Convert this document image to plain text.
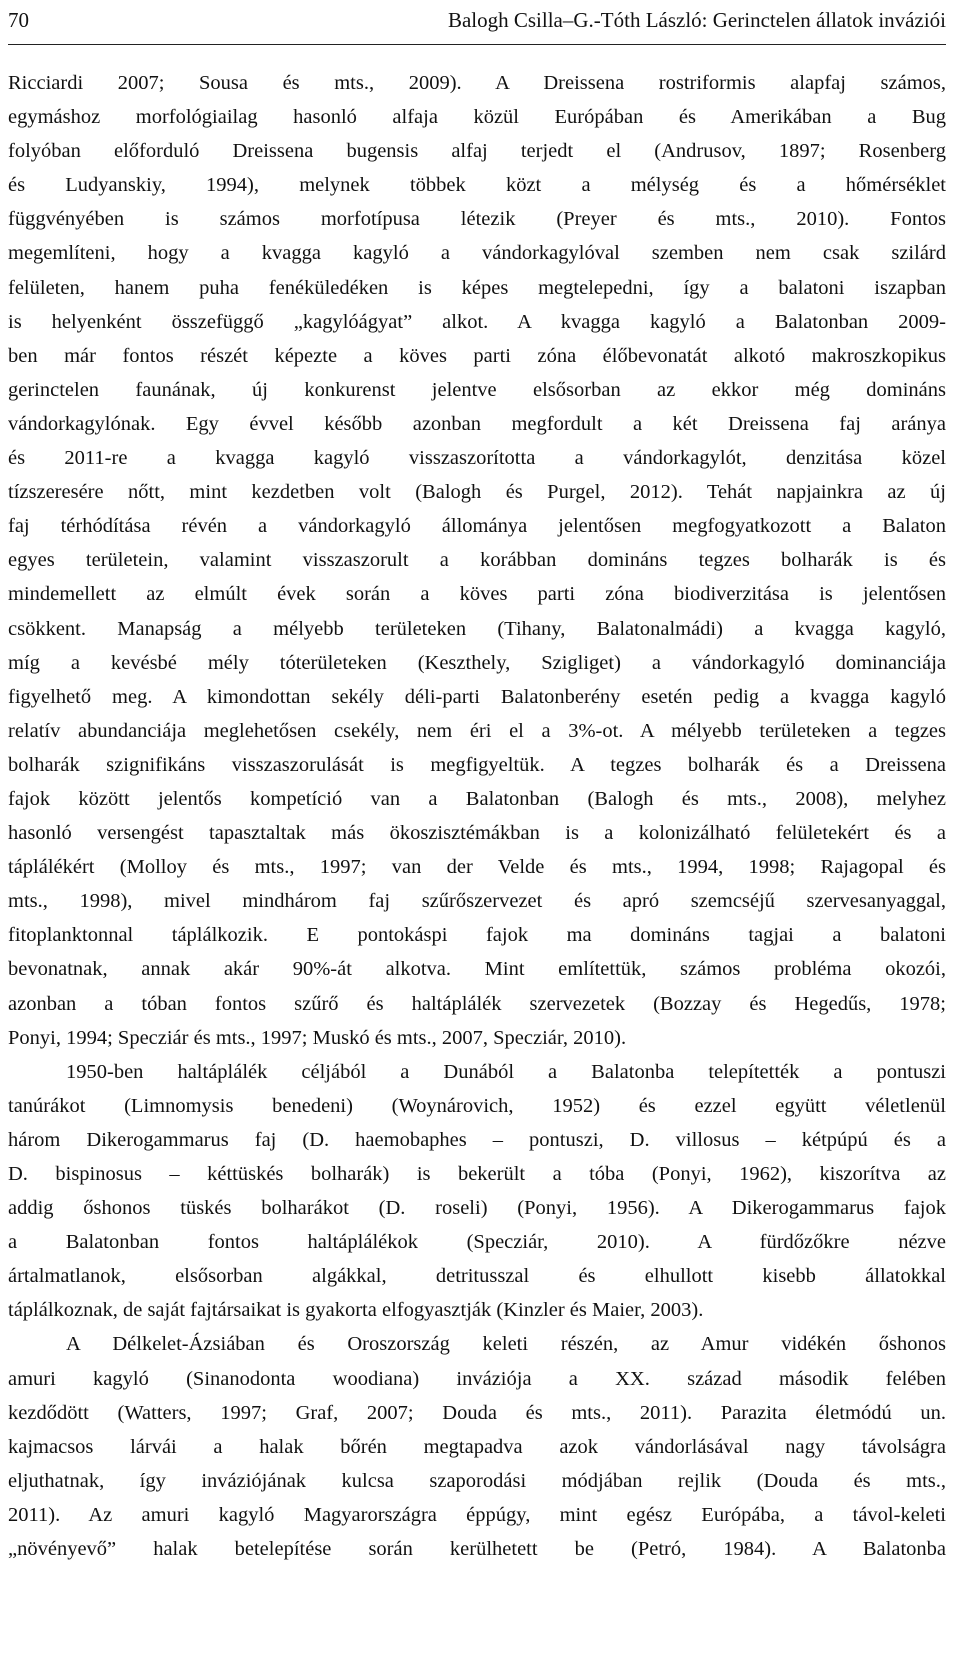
70	Balogh Csilla–G.-Tóth László: Gerinctelen állatok inváziói
Ricciardi 2007; Sousa és mts., 2009). A Dreissena rostriformis alapfaj számos,
egymáshoz morfológiailag hasonló alfaja közül Európában és Amerikában a Bug
folyóban előforduló Dreissena bugensis alfaj terjedt el (Andrusov, 1897; Rosenberg
és Ludyanskiy, 1994), melynek többek közt a mélység és a hőmérséklet
függvényében is számos morfotípusa létezik (Preyer és mts., 2010). Fontos
megemlíteni, hogy a kvagga kagyló a vándorkagylóval szemben nem csak szilárd
felületen, hanem puha fenéküledéken is képes megtelepedni, így a balatoni iszapban
is helyenként összefüggő „kagylóágyat” alkot. A kvagga kagyló a Balatonban 2009-
ben már fontos részét képezte a köves parti zóna élőbevonatát alkotó makroszkopikus
gerinctelen faunának, új konkurenst jelentve elsősorban az ekkor még domináns
vándorkagylónak. Egy évvel később azonban megfordult a két Dreissena faj aránya
és 2011-re a kvagga kagyló visszaszorította a vándorkagylót, denzitása közel
tízszeresére nőtt, mint kezdetben volt (Balogh és Purgel, 2012). Tehát napjainkra az új
faj térhódítása révén a vándorkagyló állománya jelentősen megfogyatkozott a Balaton
egyes területein, valamint visszaszorult a korábban domináns tegzes bolharák is és
mindemellett az elmúlt évek során a köves parti zóna biodiverzitása is jelentősen
csökkent. Manapság a mélyebb területeken (Tihany, Balatonalmádi) a kvagga kagyló,
míg a kevésbé mély tóterületeken (Keszthely, Szigliget) a vándorkagyló dominanciája
figyelhető meg. A kimondottan sekély déli-parti Balatonberény esetén pedig a kvagga kagyló
relatív abundanciája meglehetősen csekély, nem éri el a 3%-ot. A mélyebb területeken a tegzes
bolharák szignifikáns visszaszorulását is megfigyeltük. A tegzes bolharák és a Dreissena
fajok között jelentős kompetíció van a Balatonban (Balogh és mts., 2008), melyhez
hasonló versengést tapasztaltak más ökoszisztémákban is a kolonizálható felületekért és a
táplálékért (Molloy és mts., 1997; van der Velde és mts., 1994, 1998; Rajagopal és
mts., 1998), mivel mindhárom faj szűrőszervezet és apró szemcséjű szervesanyaggal,
fitoplanktonnal táplálkozik. E pontokáspi fajok ma domináns tagjai a balatoni
bevonatnak, annak akár 90%-át alkotva. Mint említettük, számos probléma okozói,
azonban a tóban fontos szűrő és haltáplálék szervezetek (Bozzay és Hegedűs, 1978;
Ponyi, 1994; Specziár és mts., 1997; Muskó és mts., 2007, Specziár, 2010).
1950-ben haltáplálék céljából a Dunából a Balatonba telepítették a pontuszi
tanúrákot (Limnomysis benedeni) (Woynárovich, 1952) és ezzel együtt véletlenül
három Dikerogammarus faj (D. haemobaphes – pontuszi, D. villosus – kétpúpú és a
D. bispinosus – kéttüskés bolharák) is bekerült a tóba (Ponyi, 1962), kiszorítva az
addig őshonos tüskés bolharákot (D. roseli) (Ponyi, 1956). A Dikerogammarus fajok
a Balatonban fontos haltáplálékok (Specziár, 2010). A fürdőzőkre nézve
ártalmatlanok, elsősorban algákkal, detritusszal és elhullott kisebb állatokkal
táplálkoznak, de saját fajtársaikat is gyakorta elfogyasztják (Kinzler és Maier, 2003).
A Délkelet-Ázsiában és Oroszország keleti részén, az Amur vidékén őshonos
amuri kagyló (Sinanodonta woodiana) inváziója a XX. század második felében
kezdődött (Watters, 1997; Graf, 2007; Douda és mts., 2011). Parazita életmódú un.
kajmacsos lárvái a halak bőrén megtapadva azok vándorlásával nagy távolságra
eljuthatnak, így inváziójának kulcsa szaporodási módjában rejlik (Douda és mts.,
2011). Az amuri kagyló Magyarországra éppúgy, mint egész Európába, a távol-keleti
„növényevő” halak betelepítése során kerülhetett be (Petró, 1984). A Balatonba
